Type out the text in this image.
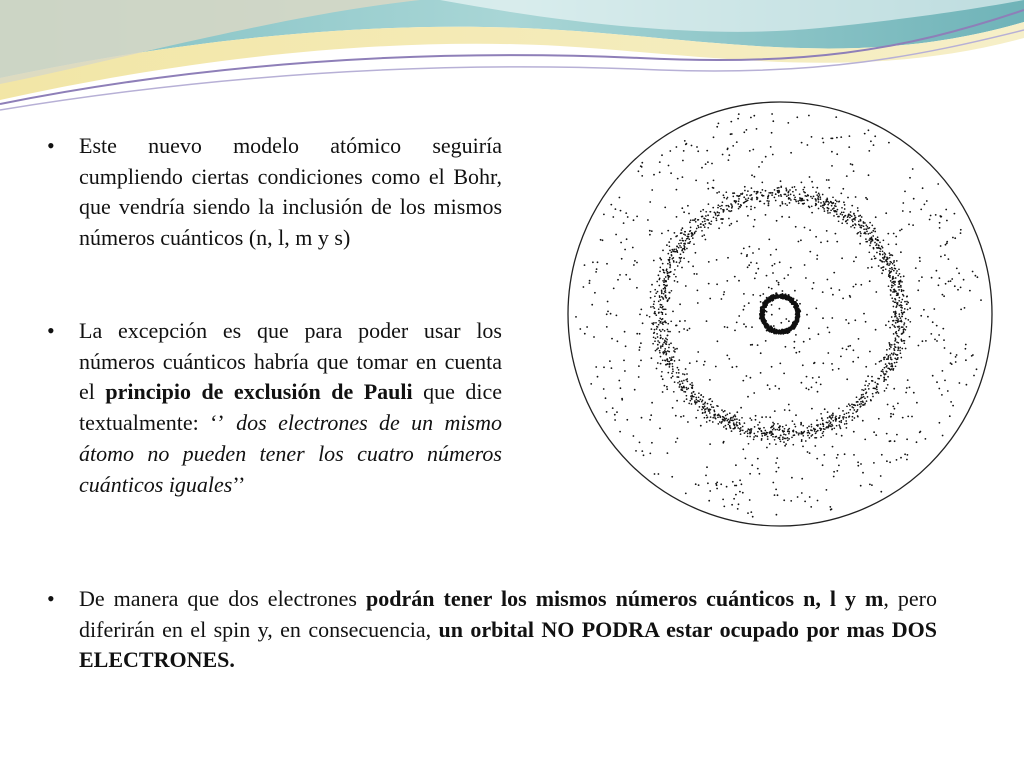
• Este nuevo modelo atómico seguiría cumpliendo ciertas condiciones como el Bohr, que vendría siendo la inclusión de los mismos números cuánticos (n, l, m y s)
• La excepción es que para poder usar los números cuánticos habría que tomar en cuenta el principio de exclusión de Pauli que dice textualmente: ‘’ dos electrones de un mismo átomo no pueden tener los cuatro números cuánticos iguales’’
• De manera que dos electrones podrán tener los mismos números cuánticos n, l y m, pero diferirán en el spin y, en consecuencia, un orbital NO PODRA estar ocupado por mas DOS ELECTRONES.
